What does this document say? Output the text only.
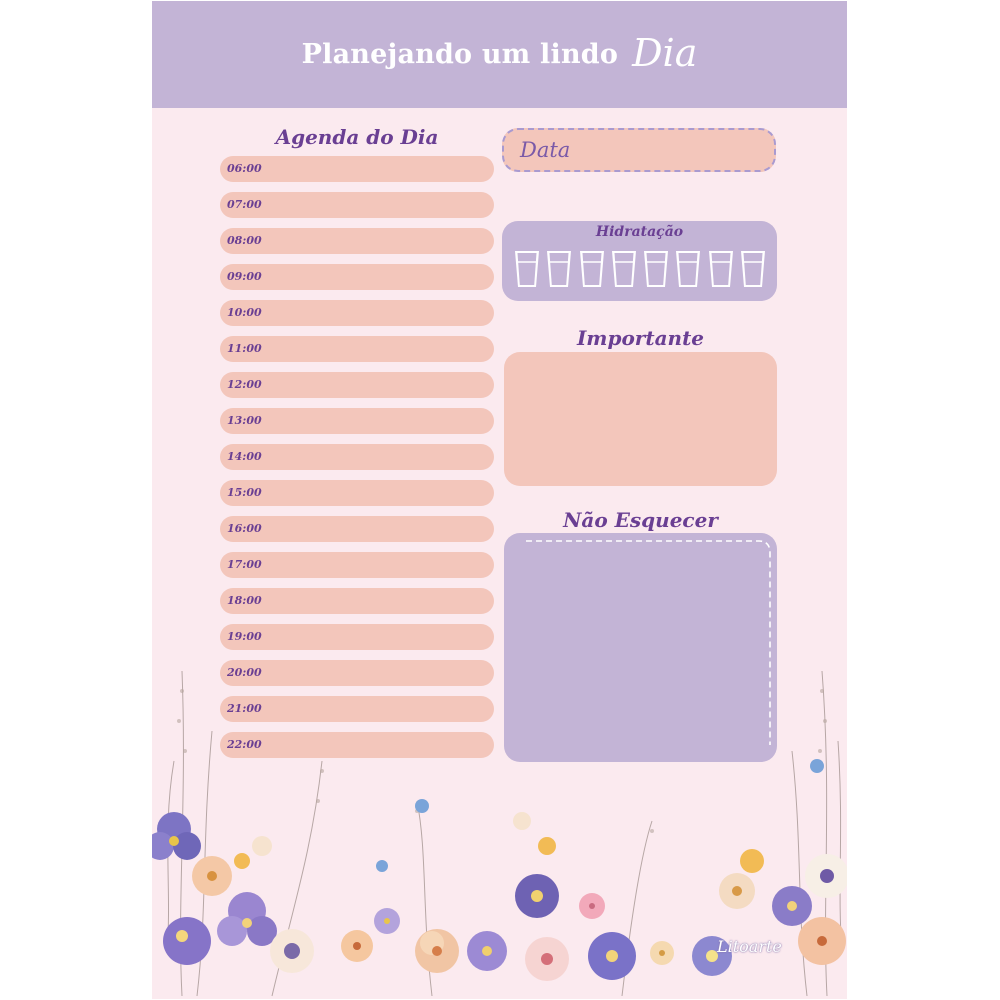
Planejando um lindo Dia
Agenda do Dia
06:00
07:00
08:00
09:00
10:00
11:00
12:00
13:00
14:00
15:00
16:00
17:00
18:00
19:00
20:00
21:00
22:00
Data
Hidratação
Importante
Não Esquecer
Litoarte
